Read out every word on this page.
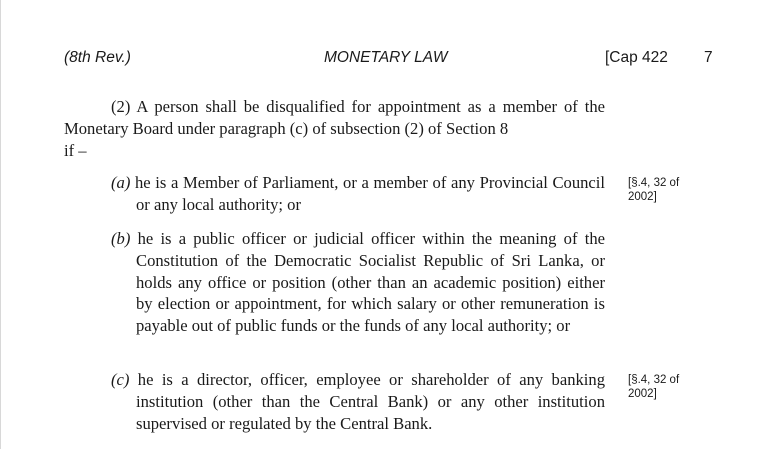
(8th Rev.)	MONETARY LAW	[Cap 422 7
(2) A person shall be disqualified for appointment as a member of the Monetary Board under paragraph (c) of subsection (2) of Section 8
if –
(a) he is a Member of Parliament, or a member of any Provincial Council or any local authority; or
[§.4, 32 of
2002]
(b) he is a public officer or judicial officer within the meaning of the Constitution of the Democratic Socialist Republic of Sri Lanka, or holds any office or position (other than an academic position) either by election or appointment, for which salary or other remuneration is payable out of public funds or the funds of any local authority; or
(c) he is a director, officer, employee or shareholder of any banking institution (other than the Central Bank) or any other institution supervised or regulated by the Central Bank.
[§.4, 32 of
2002]
